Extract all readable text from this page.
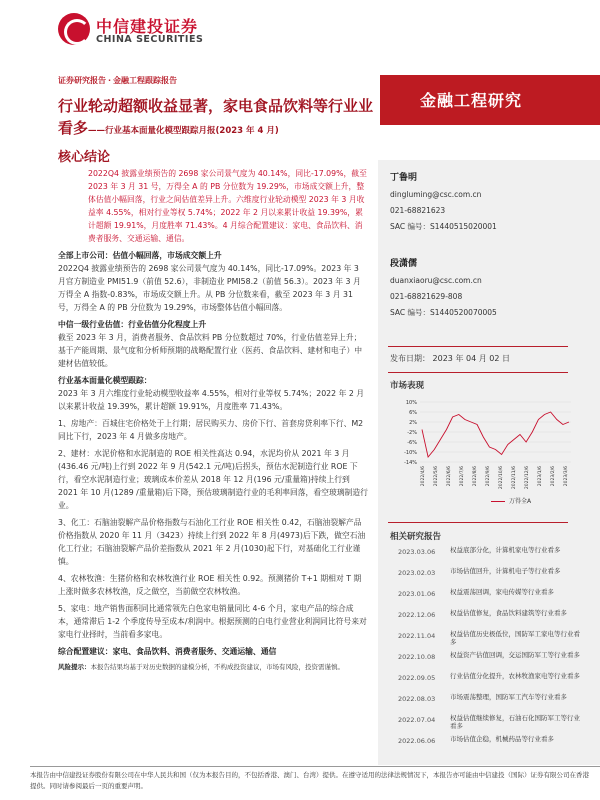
中信建投证券
CHINA SECURITIES
证券研究报告 · 金融工程跟踪报告
行业轮动超额收益显著，家电食品饮料等行业业看多——行业基本面量化模型跟踪月报(2023 年 4 月)
核心结论
金融工程研究
2022Q4 披露业绩预告的 2698 家公司景气度为 40.14%，同比-17.09%，截至 2023 年 3 月 31 号，万得全 A 的 PB 分位数为 19.29%，市场成交额上升，整体估值小幅回落，行业之间估值差异上升。六维度行业轮动模型 2023 年 3 月收益率 4.55%，相对行业等权 5.74%；2022 年 2 月以来累计收益 19.39%，累计超额 19.91%，月度胜率 71.43%。4 月综合配置建议：家电、食品饮料、消费者服务、交通运输、通信。
全部上市公司：估值小幅回落，市场成交额上升
2022Q4 披露业绩预告的 2698 家公司景气度为 40.14%，同比-17.09%。2023 年 3 月官方制造业 PMI51.9（前值 52.6），非制造业 PMI58.2（前值 56.3）。2023 年 3 月万得全 A 指数-0.83%，市场成交额上升。从 PB 分位数来看，截至 2023 年 3 月 31 号，万得全 A 的 PB 分位数为 19.29%，市场整体估值小幅回落。
中信一级行业估值：行业估值分化程度上升
截至 2023 年 3 月，消费者服务、食品饮料 PB 分位数超过 70%，行业估值差异上升；基于产能周期、景气度和分析师预期的战略配置行业（医药、食品饮料、建材和电子）中建材估值较低。
行业基本面量化模型跟踪：
2023 年 3 月六维度行业轮动模型收益率 4.55%，相对行业等权 5.74%；2022 年 2 月以来累计收益 19.39%，累计超额 19.91%，月度胜率 71.43%。
1、房地产：百城住宅价格处于上行期；居民购买力、房价下行、首套房贷利率下行、M2 同比下行，2023 年 4 月做多房地产。
2、建材：水泥价格和水泥制造的 ROE 相关性高达 0.94，水泥均价从 2021 年 3 月(436.46 元/吨)上行到 2022 年 9 月(542.1 元/吨)后拐头，预估水泥制造行业 ROE 下行，看空水泥制造行业；玻璃成本价差从 2018 年 12 月(196 元/重量箱)持续上行到 2021 年 10 月(1289 /重量箱)后下降，预估玻璃制造行业的毛利率回落，看空玻璃制造行业。
3、化工：石脑油裂解产品价格指数与石油化工行业 ROE 相关性 0.42，石脑油裂解产品价格指数从 2020 年 11 月（3423）持续上行到 2022 年 8 月(4973)后下跌，做空石油化工行业；石脑油裂解产品价差指数从 2021 年 2 月(1030)起下行，对基础化工行业谨慎。
4、农林牧渔：生猪价格和农林牧渔行业 ROE 相关性 0.92。预测猪价 T+1 期相对 T 期上涨时做多农林牧渔，反之做空，当前做空农林牧渔。
5、家电：地产销售面积同比通常领先白色家电销量同比 4-6 个月，家电产品的综合成本，通常滞后 1-2 个季度传导至成本/利润中。根据预测的白电行业营业利润同比符号来对家电行业择时，当前看多家电。
综合配置建议：家电、食品饮料、消费者服务、交通运输、通信
风险提示：本报告结果均基于对历史数据的建模分析，不构成投资建议，市场有风险，投资需谨慎。
丁鲁明
dingluming@csc.com.cn
021-68821623
SAC 编号：S1440515020001
段潇儒
duanxiaoru@csc.com.cn
021-68821629-808
SAC 编号：S1440520070005
发布日期： 2023 年 04 月 02 日
市场表现
10%
6%
2%
-2%
-6%
-10%
-14%
2022/4/6 2022/5/6 2022/6/6 2022/7/6 2022/8/6 2022/9/6 2022/10/6 2022/11/6 2022/12/6 2023/1/6 2023/2/6 2023/3/6
万得全A
相关研究报告
2023.03.06 权益底部分化，计算机家电等行业看多
2023.02.03 市场估值回升，计算机电子等行业看多
2023.01.06 权益震荡回调，家电传媒等行业看多
2022.12.06 权益估值修复，食品饮料建筑等行业看多
2022.11.04 权益估值历史极低位，国防军工家电等行业看多
2022.10.08 权益资产估值回调，交运国防军工等行业看多
2022.09.05 行业估值分化提升，农林牧渔家电等行业看多
2022.08.03 市场震荡整理，国防军工汽车等行业看多
2022.07.04 权益估值继续修复，石油石化国防军工等行业看多
2022.06.06 市场估值企稳，机械药品等行业看多
本报告由中信建投证券股份有限公司在中华人民共和国（仅为本报告目的，不包括香港、澳门、台湾）提供。在遵守适用的法律法规情况下，本报告亦可能由中信建投（国际）证券有限公司在香港提供。同时请参阅最后一页的重要声明。
